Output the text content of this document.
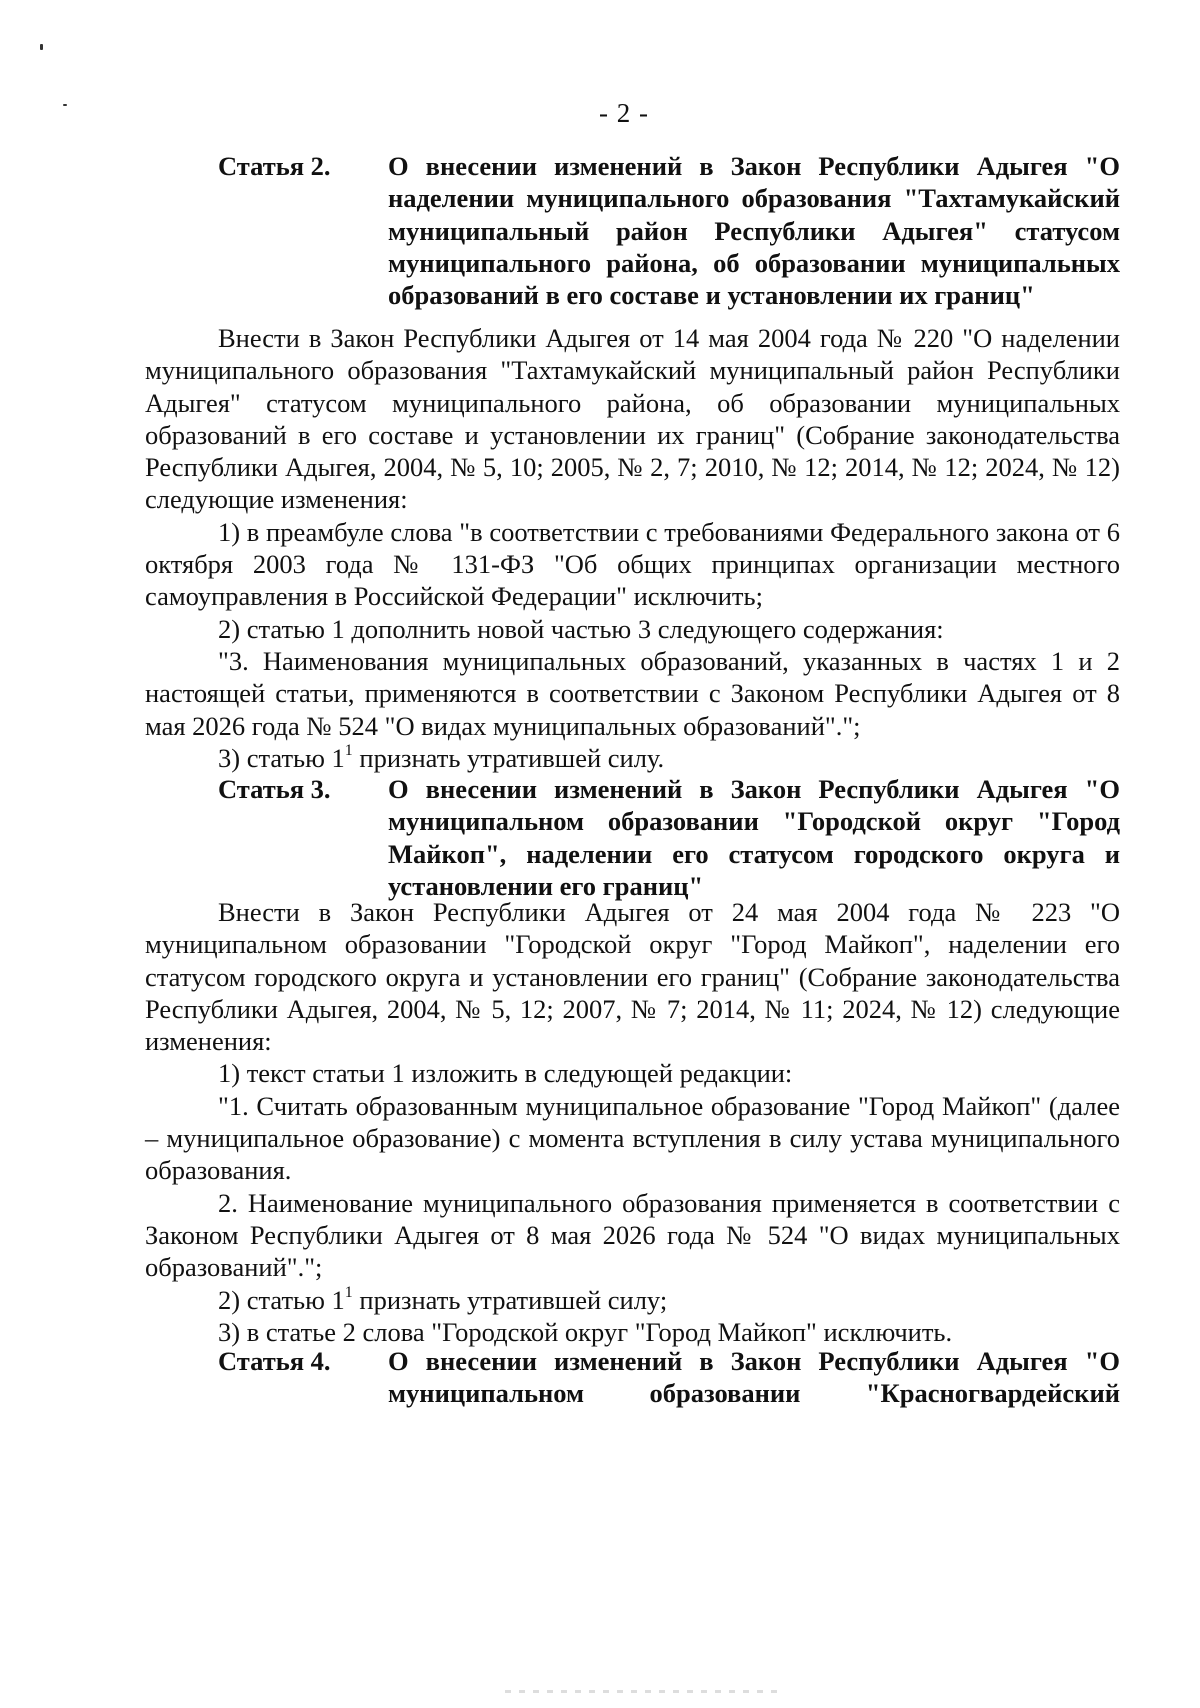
- 2 -
Статья 2. О внесении изменений в Закон Республики Адыгея "О наделении муниципального образования "Тахтамукайский муниципальный район Республики Адыгея" статусом муниципального района, об образовании муниципальных образований в его составе и установлении их границ"

Внести в Закон Республики Адыгея от 14 мая 2004 года № 220 "О наделении муниципального образования "Тахтамукайский муниципальный район Республики Адыгея" статусом муниципального района, об образовании муниципальных образований в его составе и установлении их границ" (Собрание законодательства Республики Адыгея, 2004, № 5, 10; 2005, № 2, 7; 2010, № 12; 2014, № 12; 2024, № 12) следующие изменения:

1) в преамбуле слова "в соответствии с требованиями Федерального закона от 6 октября 2003 года № 131-ФЗ "Об общих принципах организации местного самоуправления в Российской Федерации" исключить;

2) статью 1 дополнить новой частью 3 следующего содержания:

"3. Наименования муниципальных образований, указанных в частях 1 и 2 настоящей статьи, применяются в соответствии с Законом Республики Адыгея от 8 мая 2026 года № 524 "О видах муниципальных образований".";

3) статью $1^1$ признать утратившей силу.

Статья 3. О внесении изменений в Закон Республики Адыгея "О муниципальном образовании "Городской округ "Город Майкоп", наделении его статусом городского округа и установлении его границ"

Внести в Закон Республики Адыгея от 24 мая 2004 года № 223 "О муниципальном образовании "Городской округ "Город Майкоп", наделении его статусом городского округа и установлении его границ" (Собрание законодательства Республики Адыгея, 2004, № 5, 12; 2007, № 7; 2014, № 11; 2024, № 12) следующие изменения:

1) текст статьи 1 изложить в следующей редакции:

"1. Считать образованным муниципальное образование "Город Майкоп" (далее – муниципальное образование) с момента вступления в силу устава муниципального образования.

2. Наименование муниципального образования применяется в соответствии с Законом Республики Адыгея от 8 мая 2026 года № 524 "О видах муниципальных образований".";

2) статью $1^1$ признать утратившей силу;

3) в статье 2 слова "Городской округ "Город Майкоп" исключить.

Статья 4. О внесении изменений в Закон Республики Адыгея "О муниципальном образовании "Красногвардейский
